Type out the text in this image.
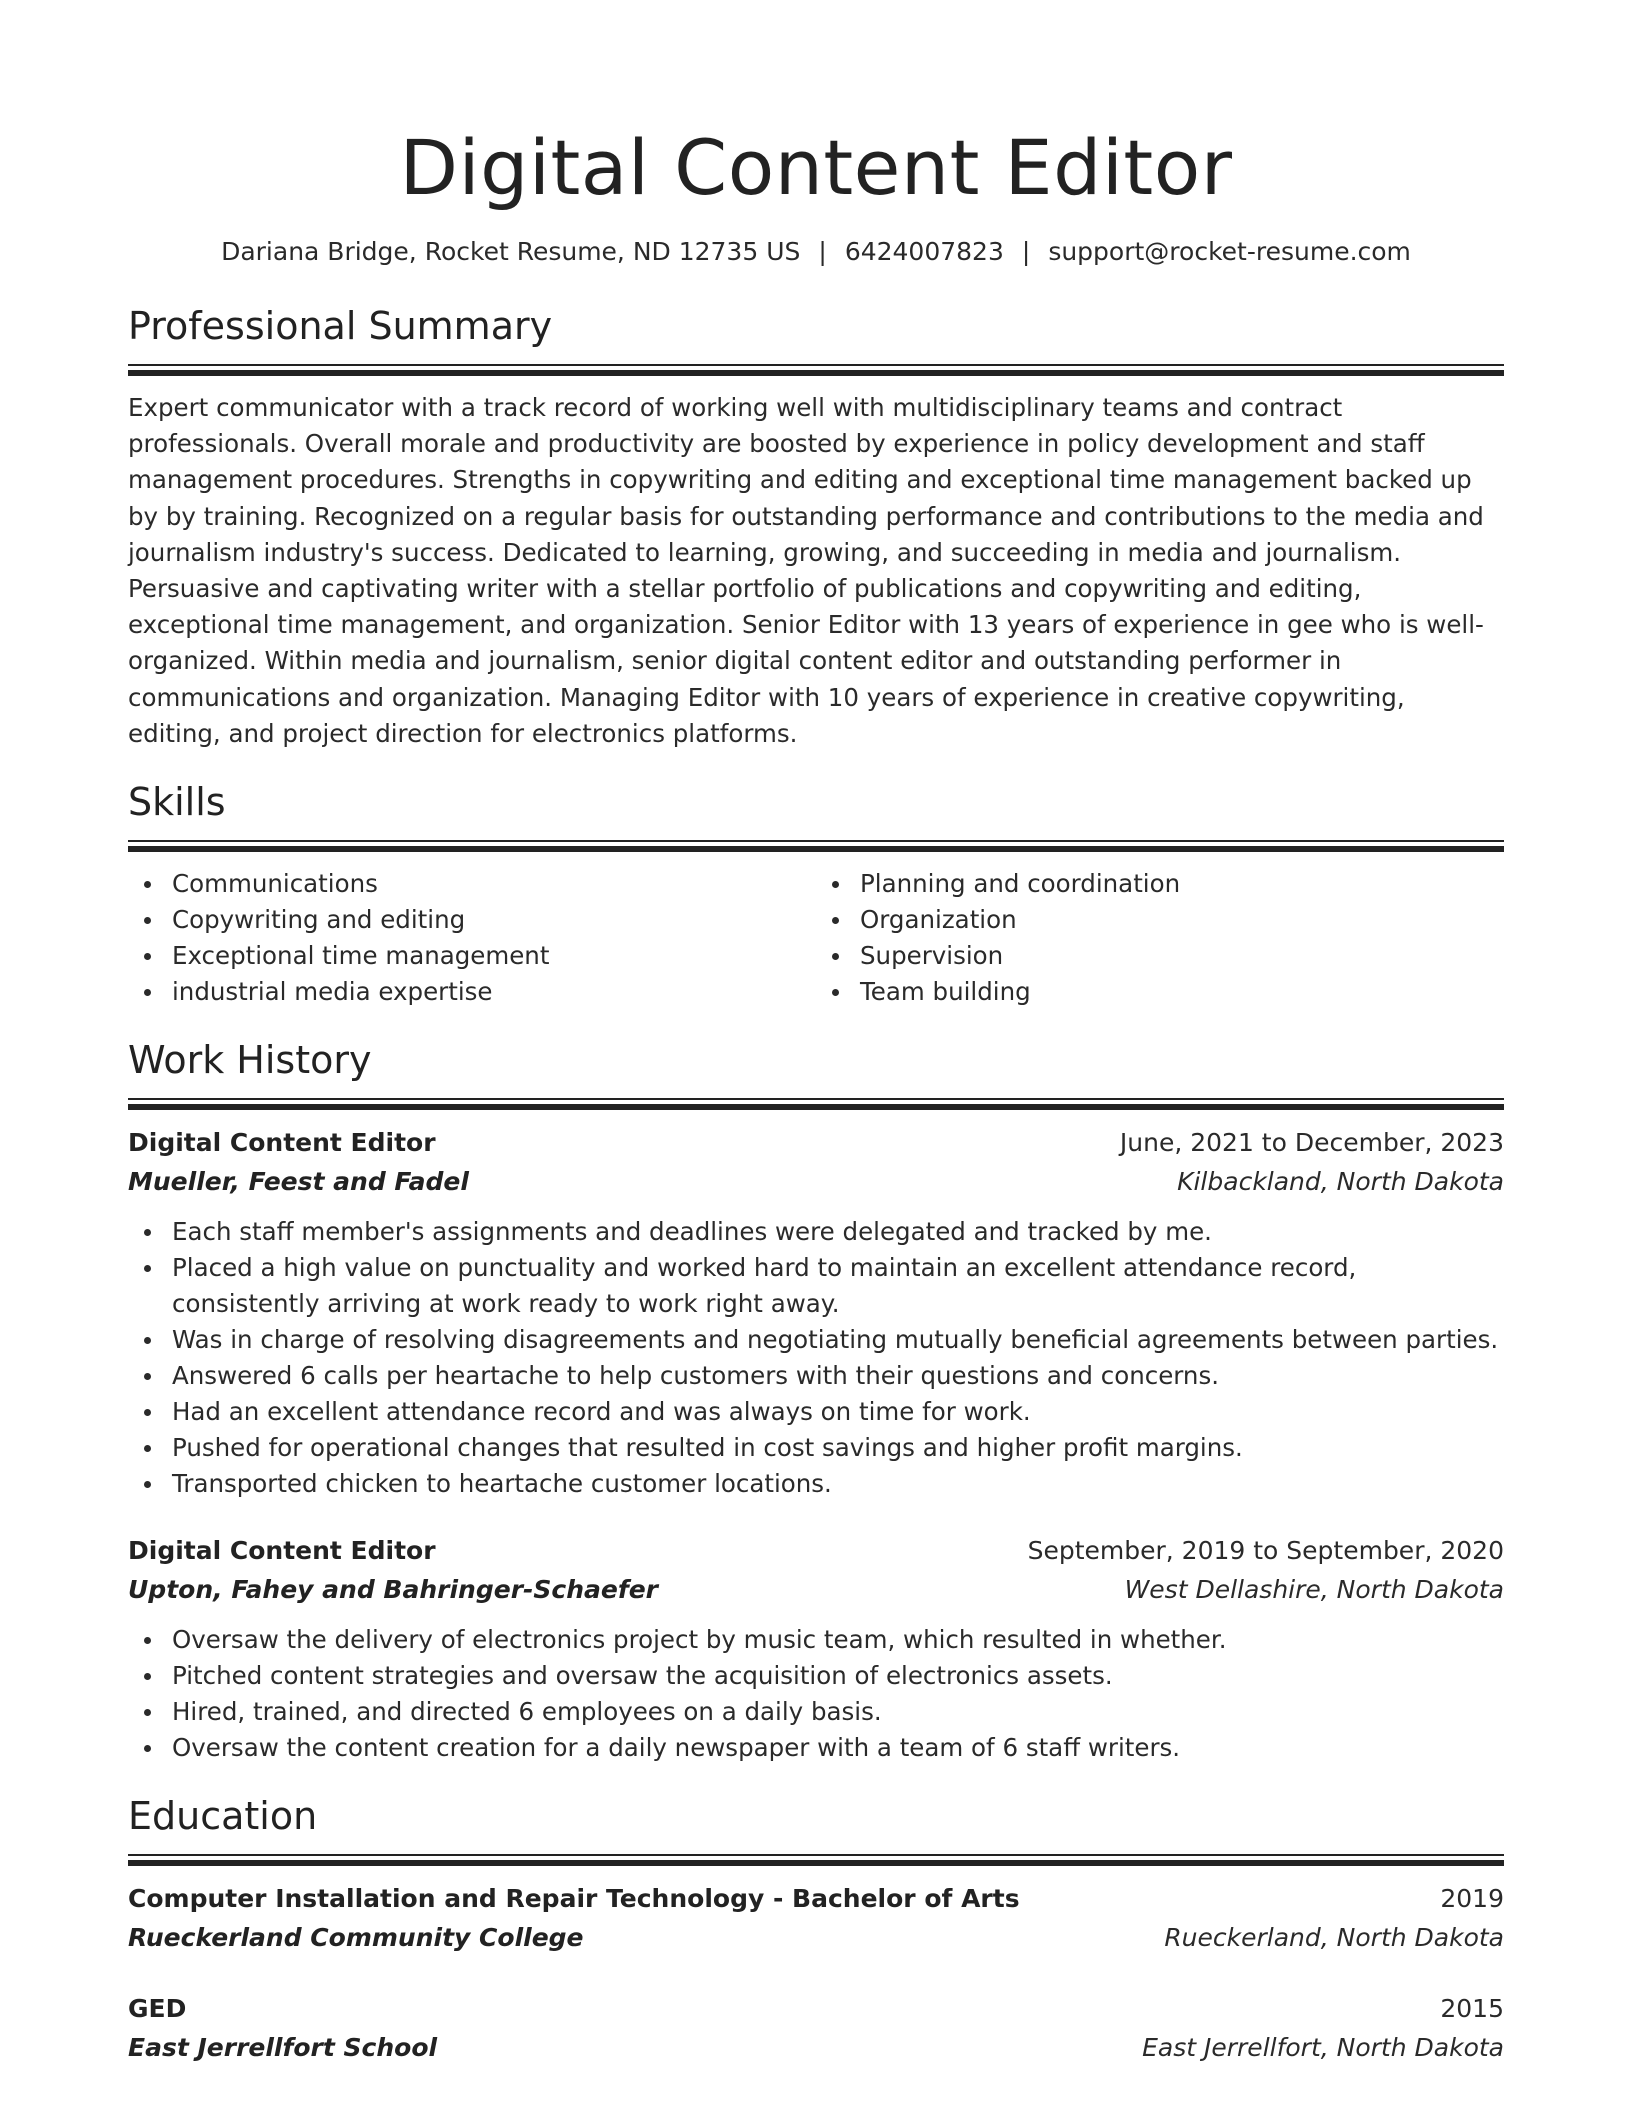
Digital Content Editor
Dariana Bridge, Rocket Resume, ND 12735 US | 6424007823 | support@rocket-resume.com
Professional Summary

Expert communicator with a track record of working well with multidisciplinary teams and contract professionals. Overall morale and productivity are boosted by experience in policy development and staff management procedures. Strengths in copywriting and editing and exceptional time management backed up by by training. Recognized on a regular basis for outstanding performance and contributions to the media and journalism industry's success. Dedicated to learning, growing, and succeeding in media and journalism. Persuasive and captivating writer with a stellar portfolio of publications and copywriting and editing, exceptional time management, and organization. Senior Editor with 13 years of experience in gee who is well-organized. Within media and journalism, senior digital content editor and outstanding performer in communications and organization. Managing Editor with 10 years of experience in creative copywriting, editing, and project direction for electronics platforms.

Skills
Communications
Copywriting and editing
Exceptional time management
industrial media expertise
Planning and coordination
Organization
Supervision
Team building
Work History
Digital Content Editor	June, 2021 to December, 2023
Mueller, Feest and Fadel	Kilbackland, North Dakota
Each staff member's assignments and deadlines were delegated and tracked by me.
Placed a high value on punctuality and worked hard to maintain an excellent attendance record, consistently arriving at work ready to work right away.
Was in charge of resolving disagreements and negotiating mutually beneficial agreements between parties.
Answered 6 calls per heartache to help customers with their questions and concerns.
Had an excellent attendance record and was always on time for work.
Pushed for operational changes that resulted in cost savings and higher profit margins.
Transported chicken to heartache customer locations.
Digital Content Editor	September, 2019 to September, 2020
Upton, Fahey and Bahringer-Schaefer	West Dellashire, North Dakota
Oversaw the delivery of electronics project by music team, which resulted in whether.
Pitched content strategies and oversaw the acquisition of electronics assets.
Hired, trained, and directed 6 employees on a daily basis.
Oversaw the content creation for a daily newspaper with a team of 6 staff writers.
Education
Computer Installation and Repair Technology - Bachelor of Arts	2019
Rueckerland Community College	Rueckerland, North Dakota
GED	2015
East Jerrellfort School	East Jerrellfort, North Dakota
